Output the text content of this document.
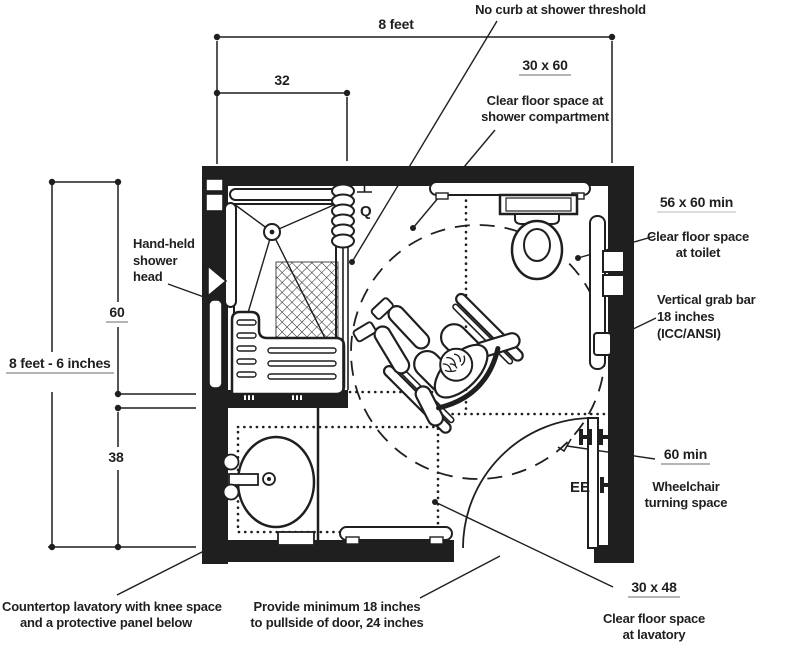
No curb at shower threshold
8 feet
32
30 x 60
Clear floor space at
shower compartment
56 x 60 min
Clear floor space
at toilet
Vertical grab bar
18 inches
(ICC/ANSI)
60 min
Wheelchair
turning space
30 x 48
Clear floor space
at lavatory
Countertop lavatory with knee space
and a protective panel below
Provide minimum 18 inches
to pullside of door, 24 inches
Hand-held
shower
head
60
8 feet - 6 inches
38
Q
EE
